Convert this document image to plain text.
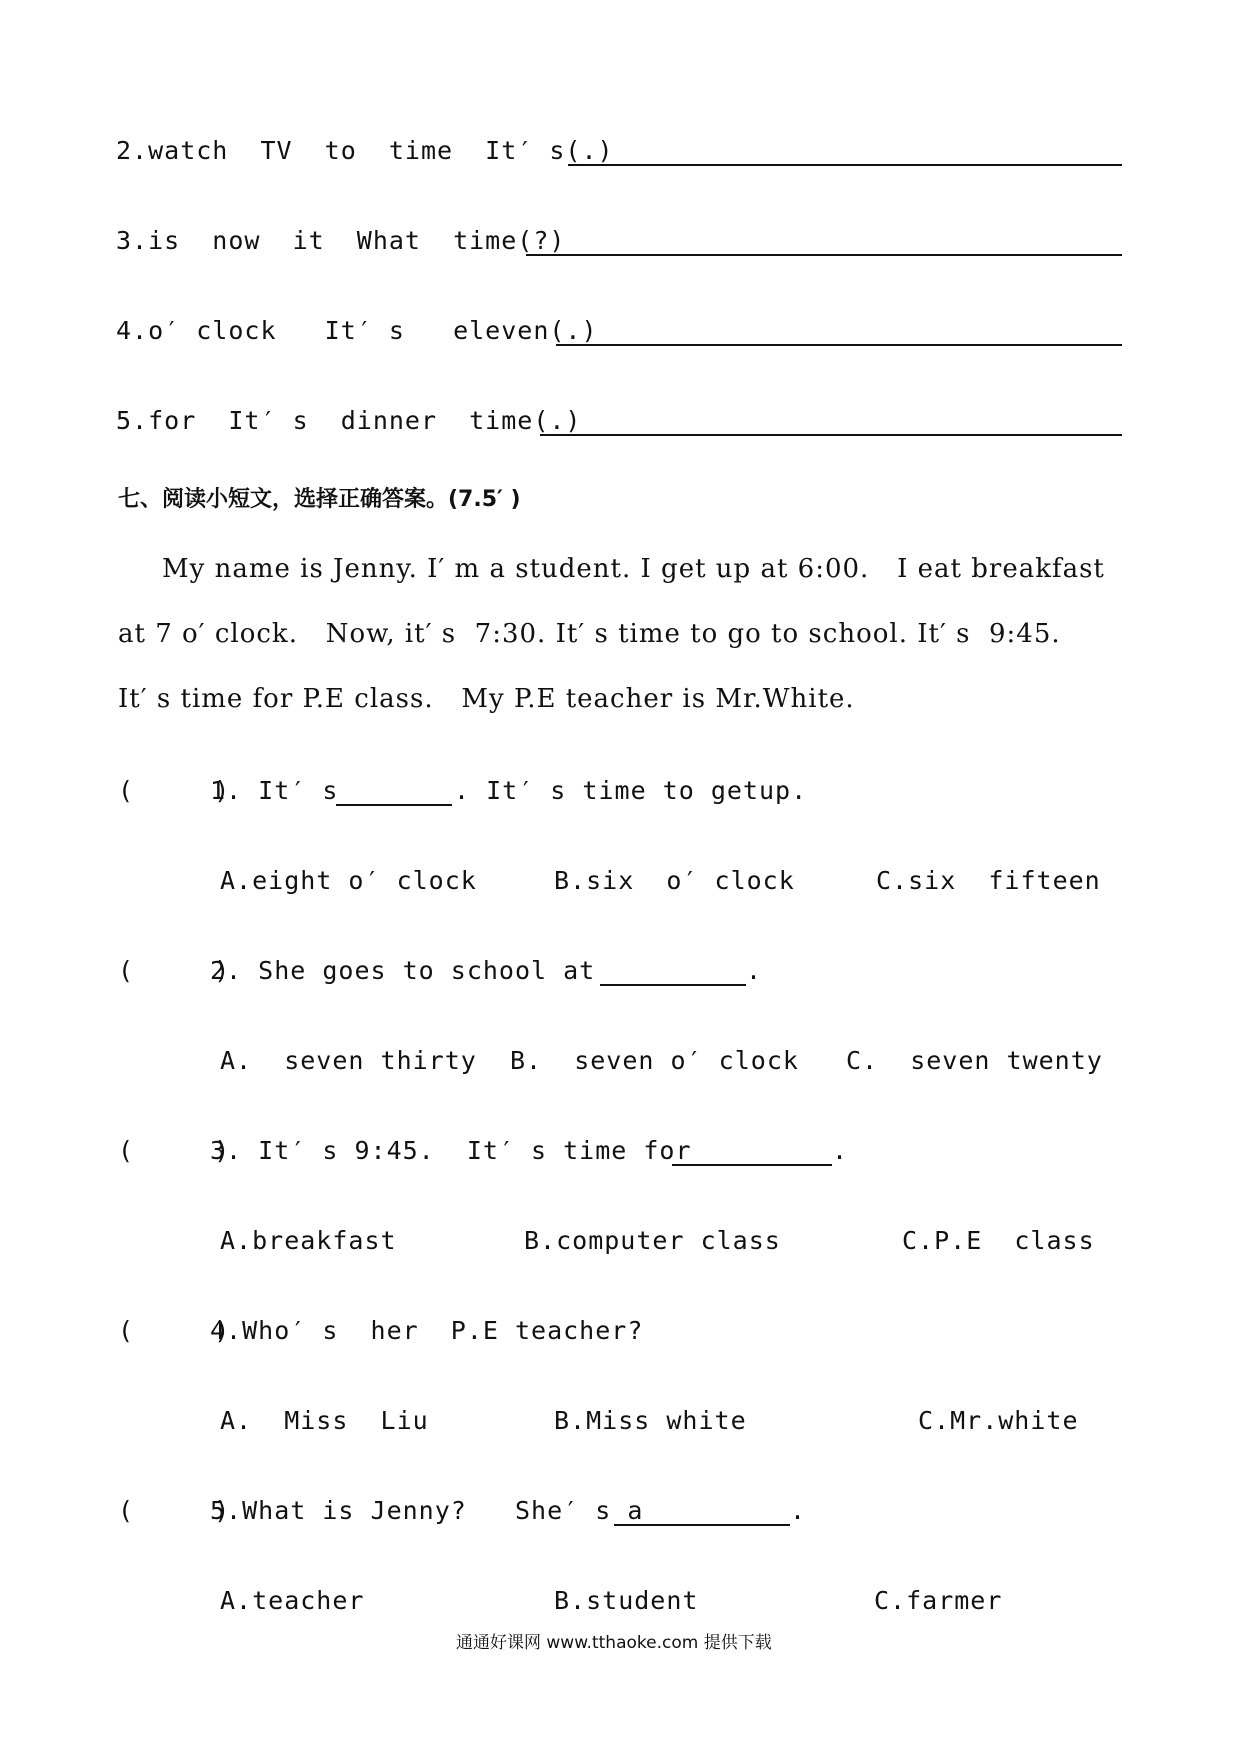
2.watch  TV  to  time  It′ s(.)
3.is  now  it  What  time(?)
4.o′ clock   It′ s   eleven(.)
5.for  It′ s  dinner  time(.)
七、阅读小短文，选择正确答案。(7.5′ )
My name is Jenny. I′ m a student. I get up at 6:00.   I eat breakfast
at 7 o′ clock.   Now, it′ s  7:30. It′ s time to go to school. It′ s  9:45.
It′ s time for P.E class.   My P.E teacher is Mr.White.
(     )
1. It′ s	. It′ s time to getup.
A.eight o′ clock	B.six  o′ clock	C.six  fifteen
(     )
2. She goes to school at	.
A.  seven thirty B.  seven o′ clock C.  seven twenty
(     )
3. It′ s 9:45.  It′ s time for	.
A.breakfast	B.computer class	C.P.E  class
(     )
4.Who′ s  her  P.E teacher?
A.  Miss  Liu	B.Miss white	C.Mr.white
(     )
5.What is Jenny?   She′ s a	.
A.teacher	B.student	C.farmer
通通好课网 www.tthaoke.com 提供下载
